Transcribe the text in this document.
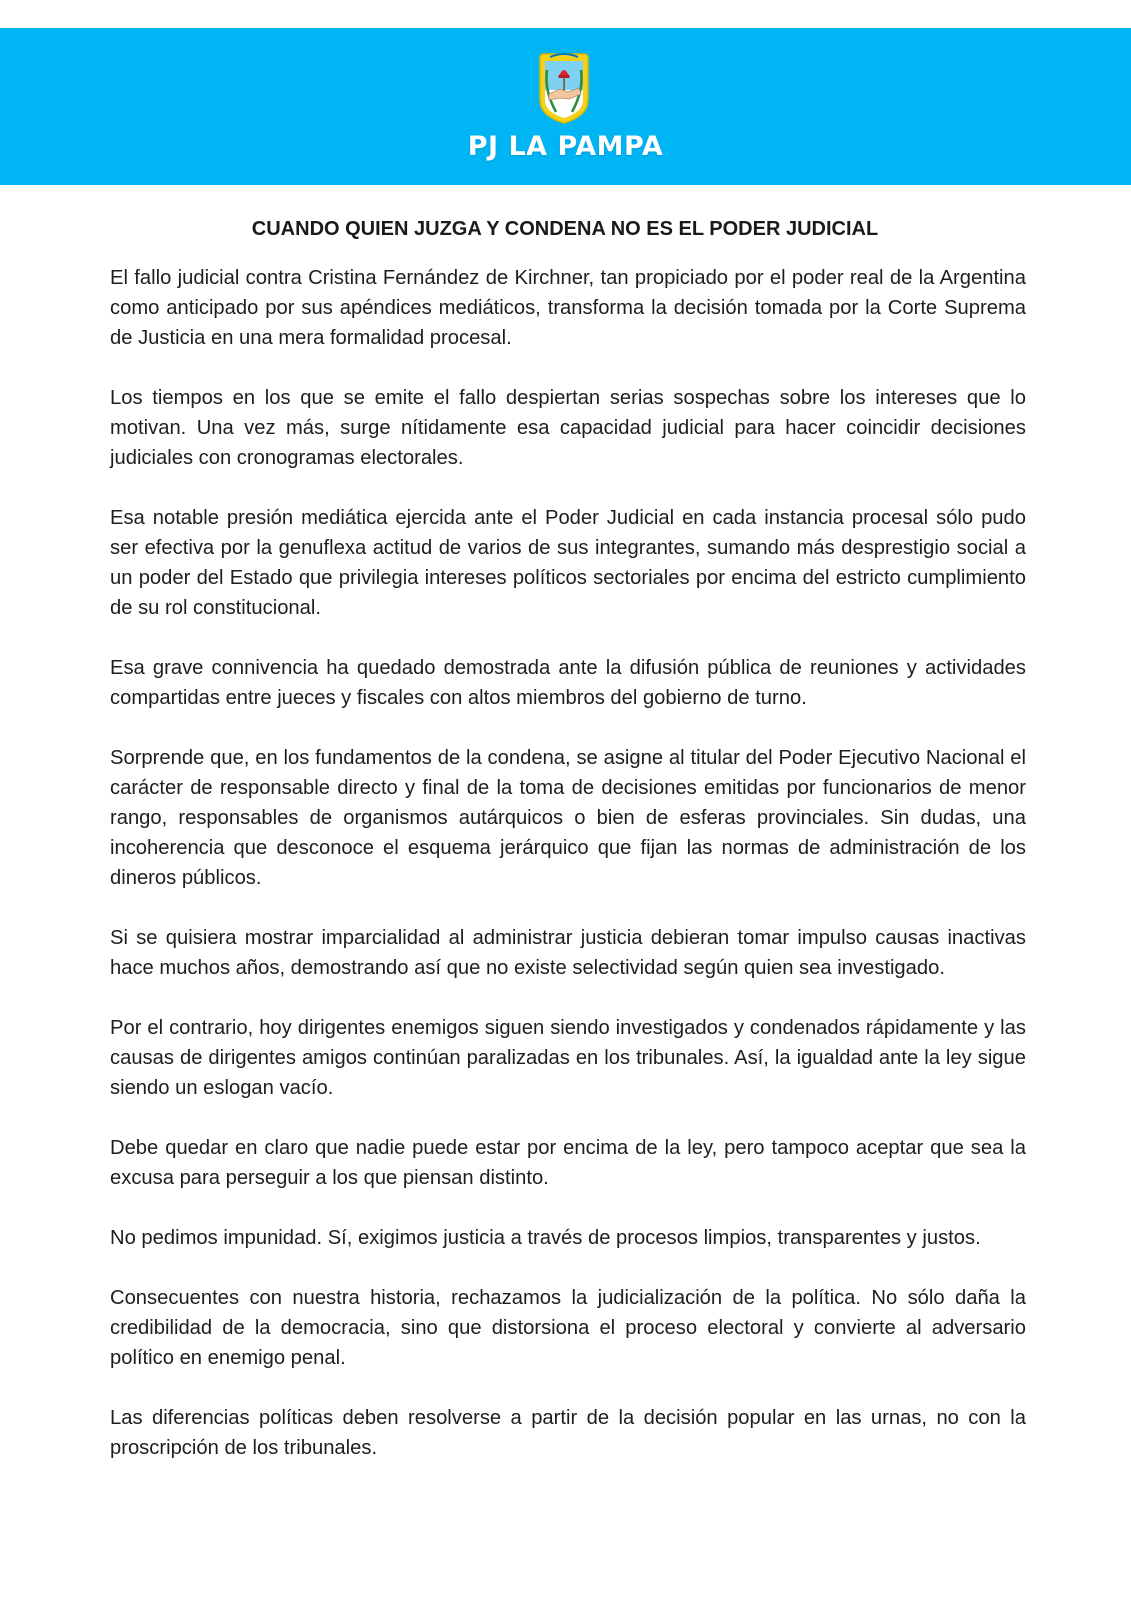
PJ LA PAMPA
CUANDO QUIEN JUZGA Y CONDENA NO ES EL PODER JUDICIAL

El fallo judicial contra Cristina Fernández de Kirchner, tan propiciado por el poder real de la Argentina como anticipado por sus apéndices mediáticos, transforma la decisión tomada por la Corte Suprema de Justicia en una mera formalidad procesal.

Los tiempos en los que se emite el fallo despiertan serias sospechas sobre los intereses que lo motivan. Una vez más, surge nítidamente esa capacidad judicial para hacer coincidir decisiones judiciales con cronogramas electorales.

Esa notable presión mediática ejercida ante el Poder Judicial en cada instancia procesal sólo pudo ser efectiva por la genuflexa actitud de varios de sus integrantes, sumando más desprestigio social a un poder del Estado que privilegia intereses políticos sectoriales por encima del estricto cumplimiento de su rol constitucional.

Esa grave connivencia ha quedado demostrada ante la difusión pública de reuniones y actividades compartidas entre jueces y fiscales con altos miembros del gobierno de turno.

Sorprende que, en los fundamentos de la condena, se asigne al titular del Poder Ejecutivo Nacional el carácter de responsable directo y final de la toma de decisiones emitidas por funcionarios de menor rango, responsables de organismos autárquicos o bien de esferas provinciales. Sin dudas, una incoherencia que desconoce el esquema jerárquico que fijan las normas de administración de los dineros públicos.

Si se quisiera mostrar imparcialidad al administrar justicia debieran tomar impulso causas inactivas hace muchos años, demostrando así que no existe selectividad según quien sea investigado.

Por el contrario, hoy dirigentes enemigos siguen siendo investigados y condenados rápidamente y las causas de dirigentes amigos continúan paralizadas en los tribunales. Así, la igualdad ante la ley sigue siendo un eslogan vacío.

Debe quedar en claro que nadie puede estar por encima de la ley, pero tampoco aceptar que sea la excusa para perseguir a los que piensan distinto.

No pedimos impunidad. Sí, exigimos justicia a través de procesos limpios, transparentes y justos.

Consecuentes con nuestra historia, rechazamos la judicialización de la política. No sólo daña la credibilidad de la democracia, sino que distorsiona el proceso electoral y convierte al adversario político en enemigo penal.

Las diferencias políticas deben resolverse a partir de la decisión popular en las urnas, no con la proscripción de los tribunales.
